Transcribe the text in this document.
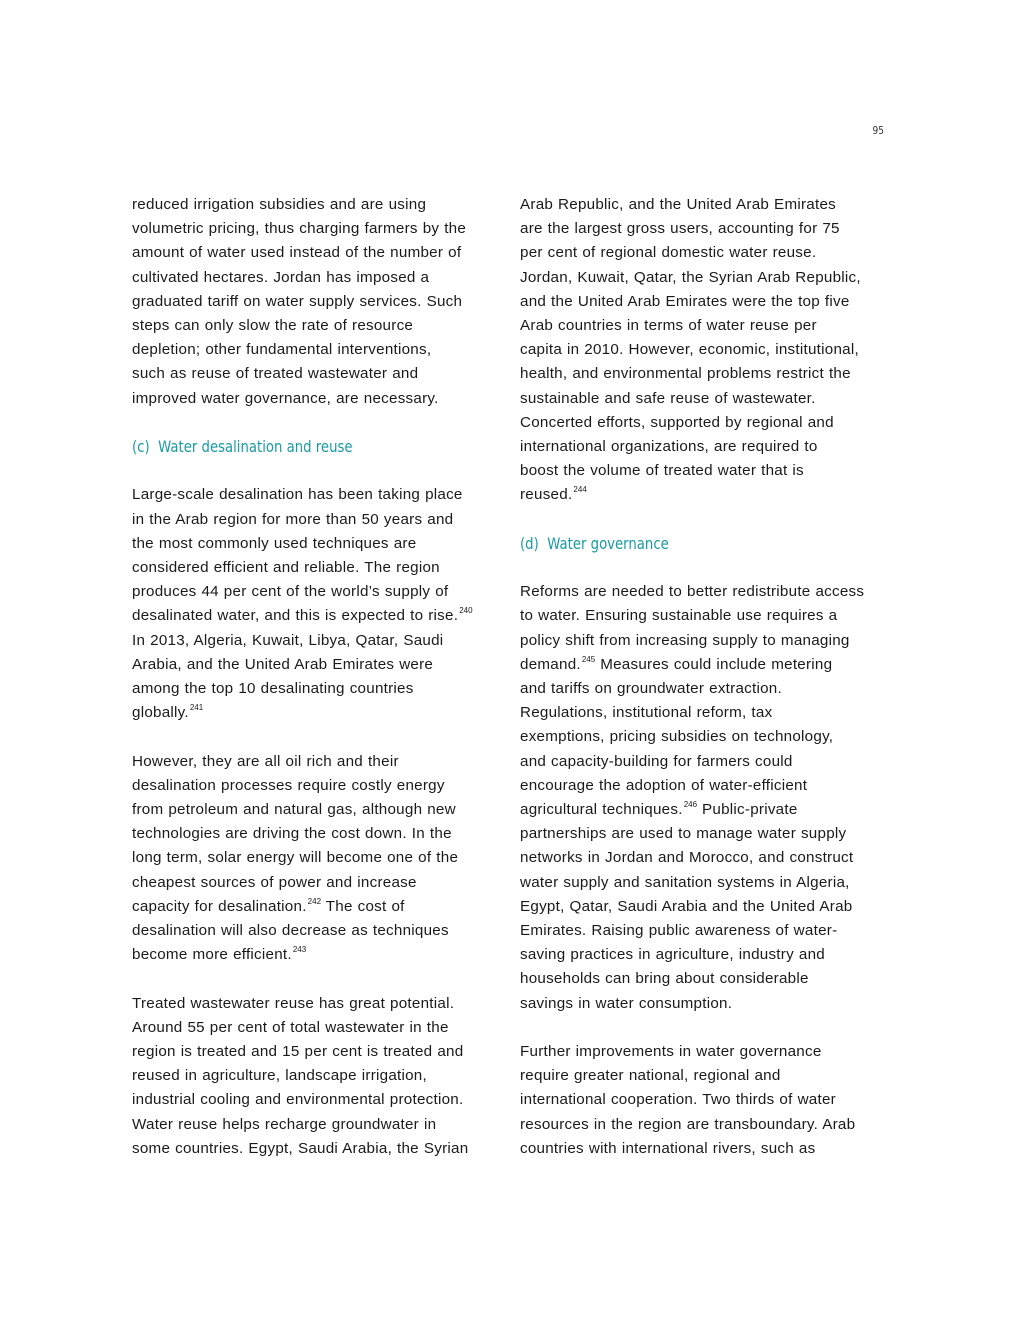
95

reduced irrigation subsidies and are using
volumetric pricing, thus charging farmers by the
amount of water used instead of the number of
cultivated hectares. Jordan has imposed a
graduated tariff on water supply services. Such
steps can only slow the rate of resource
depletion; other fundamental interventions,
such as reuse of treated wastewater and
improved water governance, are necessary.

(c) Water desalination and reuse

Large-scale desalination has been taking place
in the Arab region for more than 50 years and
the most commonly used techniques are
considered efficient and reliable. The region
produces 44 per cent of the world’s supply of
desalinated water, and this is expected to rise.$^{240}$
In 2013, Algeria, Kuwait, Libya, Qatar, Saudi
Arabia, and the United Arab Emirates were
among the top 10 desalinating countries
globally.$^{241}$

However, they are all oil rich and their
desalination processes require costly energy
from petroleum and natural gas, although new
technologies are driving the cost down. In the
long term, solar energy will become one of the
cheapest sources of power and increase
capacity for desalination.$^{242}$ The cost of
desalination will also decrease as techniques
become more efficient.$^{243}$

Treated wastewater reuse has great potential.
Around 55 per cent of total wastewater in the
region is treated and 15 per cent is treated and
reused in agriculture, landscape irrigation,
industrial cooling and environmental protection.
Water reuse helps recharge groundwater in
some countries. Egypt, Saudi Arabia, the Syrian

Arab Republic, and the United Arab Emirates
are the largest gross users, accounting for 75
per cent of regional domestic water reuse.
Jordan, Kuwait, Qatar, the Syrian Arab Republic,
and the United Arab Emirates were the top five
Arab countries in terms of water reuse per
capita in 2010. However, economic, institutional,
health, and environmental problems restrict the
sustainable and safe reuse of wastewater.
Concerted efforts, supported by regional and
international organizations, are required to
boost the volume of treated water that is
reused.$^{244}$

(d) Water governance

Reforms are needed to better redistribute access
to water. Ensuring sustainable use requires a
policy shift from increasing supply to managing
demand.$^{245}$ Measures could include metering
and tariffs on groundwater extraction.
Regulations, institutional reform, tax
exemptions, pricing subsidies on technology,
and capacity-building for farmers could
encourage the adoption of water-efficient
agricultural techniques.$^{246}$ Public-private
partnerships are used to manage water supply
networks in Jordan and Morocco, and construct
water supply and sanitation systems in Algeria,
Egypt, Qatar, Saudi Arabia and the United Arab
Emirates. Raising public awareness of water-
saving practices in agriculture, industry and
households can bring about considerable
savings in water consumption.

Further improvements in water governance
require greater national, regional and
international cooperation. Two thirds of water
resources in the region are transboundary. Arab
countries with international rivers, such as
